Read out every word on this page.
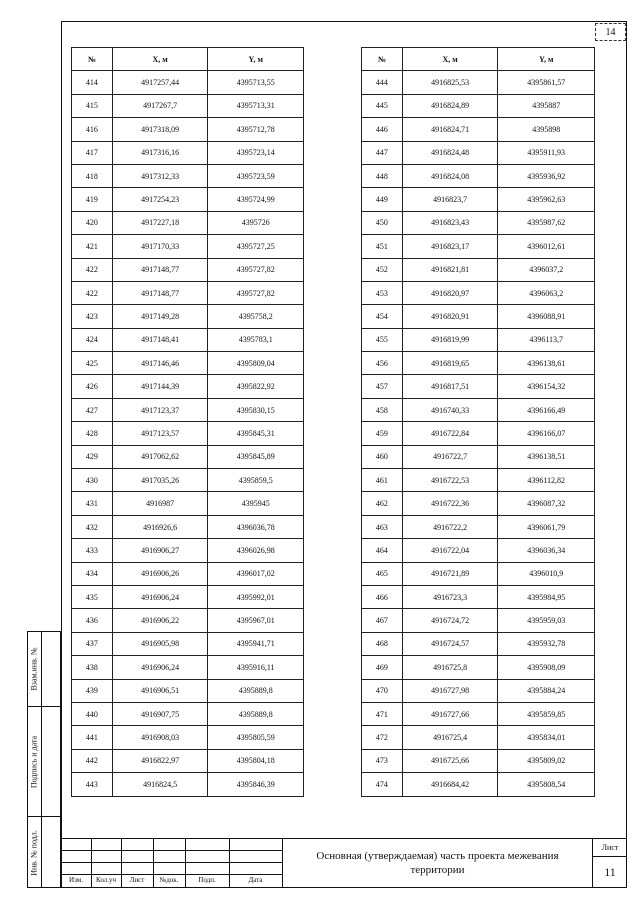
14
Взам.инв. №
Подпись и дата
Инв. № подл.
№	X, м	Y, м
414	4917257,44	4395713,55
415	4917267,7	4395713,31
416	4917318,09	4395712,78
417	4917316,16	4395723,14
418	4917312,33	4395723,59
419	4917254,23	4395724,99
420	4917227,18	4395726
421	4917170,33	4395727,25
422	4917148,77	4395727,82
422	4917148,77	4395727,82
423	4917149,28	4395758,2
424	4917148,41	4395783,1
425	4917146,46	4395809,04
426	4917144,39	4395822,92
427	4917123,37	4395830,15
428	4917123,57	4395845,31
429	4917062,62	4395845,89
430	4917035,26	4395859,5
431	4916987	4395945
432	4916926,6	4396036,78
433	4916906,27	4396026,98
434	4916906,26	4396017,02
435	4916906,24	4395992,01
436	4916906,22	4395967,01
437	4916905,98	4395941,71
438	4916906,24	4395916,11
439	4916906,51	4395889,8
440	4916907,75	4395889,8
441	4916908,03	4395805,59
442	4916822,97	4395804,18
443	4916824,5	4395846,39
№	X, м	Y, м
444	4916825,53	4395861,57
445	4916824,89	4395887
446	4916824,71	4395898
447	4916824,48	4395911,93
448	4916824,08	4395936,92
449	4916823,7	4395962,63
450	4916823,43	4395987,62
451	4916823,17	4396012,61
452	4916821,81	4396037,2
453	4916820,97	4396063,2
454	4916820,91	4396088,91
455	4916819,99	4396113,7
456	4916819,65	4396138,61
457	4916817,51	4396154,32
458	4916740,33	4396166,49
459	4916722,84	4396166,07
460	4916722,7	4396138,51
461	4916722,53	4396112,82
462	4916722,36	4396087,32
463	4916722,2	4396061,79
464	4916722,04	4396036,34
465	4916721,89	4396010,9
466	4916723,3	4395984,95
467	4916724,72	4395959,03
468	4916724,57	4395932,78
469	4916725,8	4395908,09
470	4916727,98	4395884,24
471	4916727,66	4395859,85
472	4916725,4	4395834,01
473	4916725,66	4395809,02
474	4916684,42	4395808,54
Изм.	Кол.уч	Лист	№док.	Подп.	Дата
Основная (утверждаемая) часть проекта межевания территории
Лист
11
